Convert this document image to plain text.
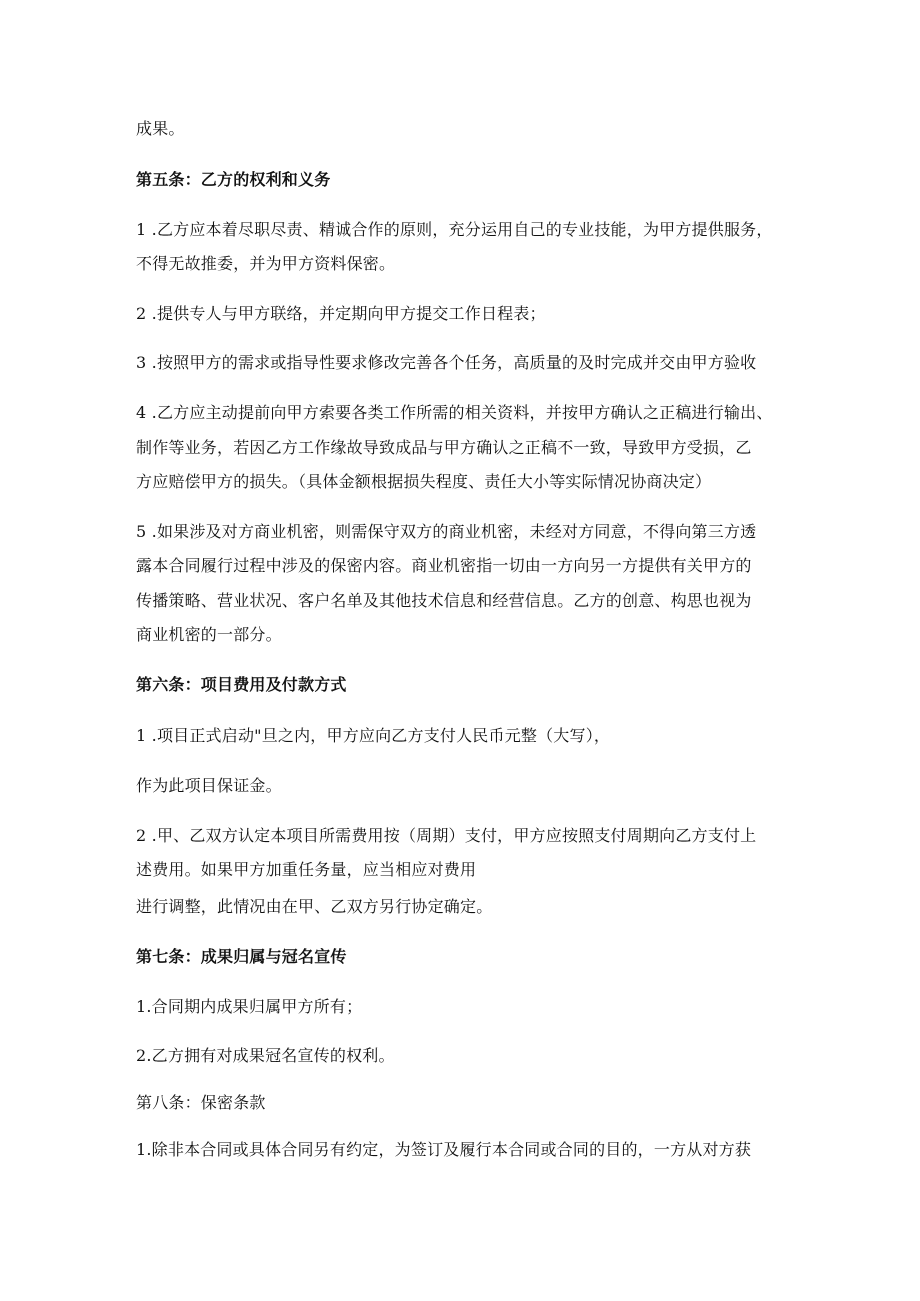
成果。
第五条：乙方的权利和义务
1 .乙方应本着尽职尽责、精诚合作的原则，充分运用自己的专业技能，为甲方提供服务，
不得无故推委，并为甲方资料保密。
2 .提供专人与甲方联络，并定期向甲方提交工作日程表；
3 .按照甲方的需求或指导性要求修改完善各个任务，高质量的及时完成并交由甲方验收
4 .乙方应主动提前向甲方索要各类工作所需的相关资料，并按甲方确认之正稿进行输出、
制作等业务，若因乙方工作缘故导致成品与甲方确认之正稿不一致，导致甲方受损，乙
方应赔偿甲方的损失。（具体金额根据损失程度、责任大小等实际情况协商决定）
5 .如果涉及对方商业机密，则需保守双方的商业机密，未经对方同意，不得向第三方透
露本合同履行过程中涉及的保密内容。商业机密指一切由一方向另一方提供有关甲方的
传播策略、营业状况、客户名单及其他技术信息和经营信息。乙方的创意、构思也视为
商业机密的一部分。
第六条：项目费用及付款方式
1 .项目正式启动"旦之内，甲方应向乙方支付人民币元整（大写），
作为此项目保证金。
2 .甲、乙双方认定本项目所需费用按（周期）支付，甲方应按照支付周期向乙方支付上
述费用。如果甲方加重任务量，应当相应对费用
进行调整，此情况由在甲、乙双方另行协定确定。
第七条：成果归属与冠名宣传
1.合同期内成果归属甲方所有；
2.乙方拥有对成果冠名宣传的权利。
第八条：保密条款
1.除非本合同或具体合同另有约定，为签订及履行本合同或合同的目的，一方从对方获
